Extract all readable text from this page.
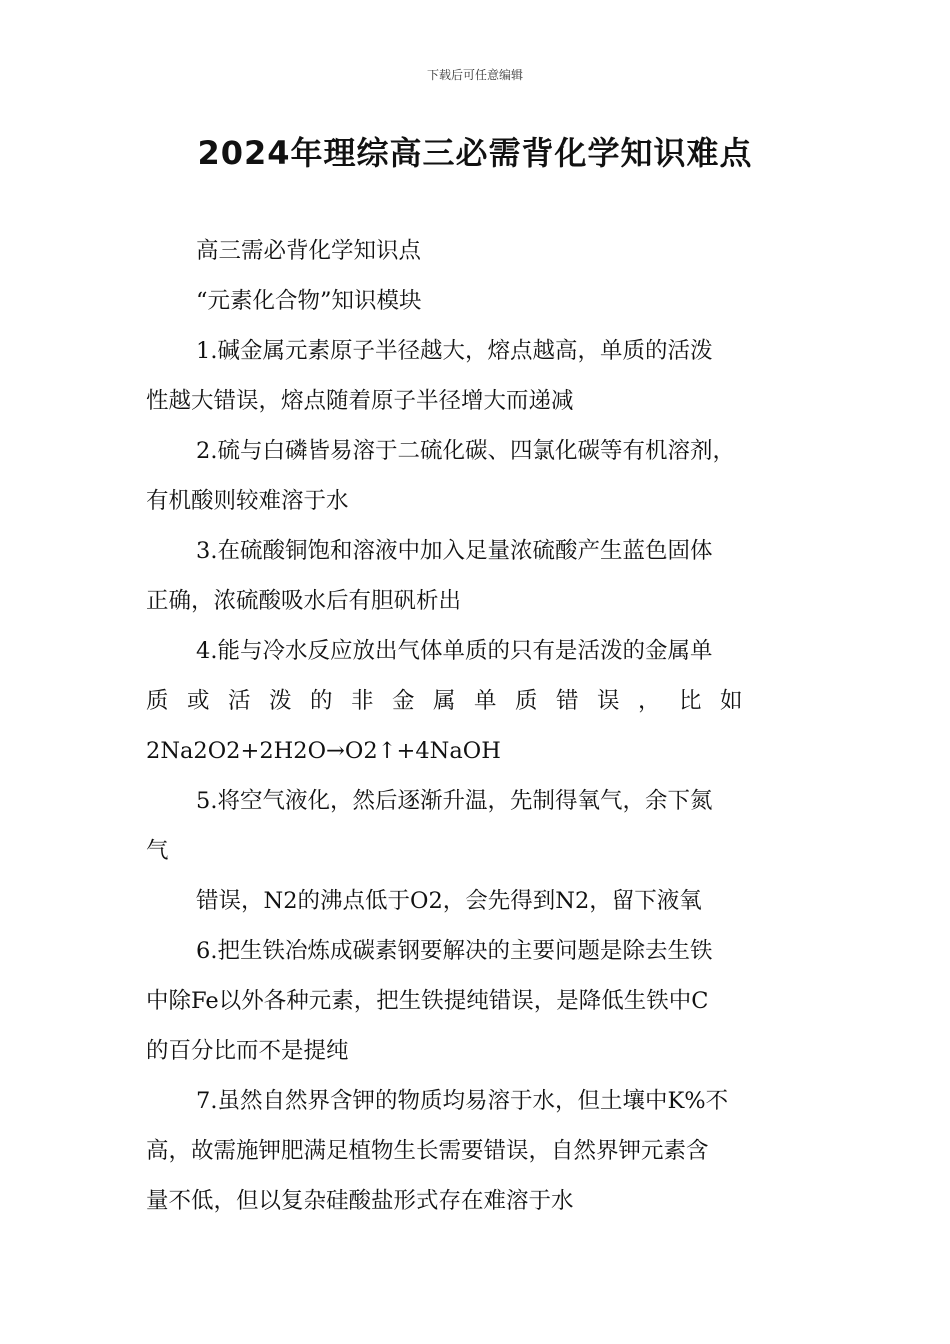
下载后可任意编辑
2024年理综高三必需背化学知识难点

高三需必背化学知识点

“元素化合物”知识模块

1.碱金属元素原子半径越大，熔点越高，单质的活泼

性越大错误，熔点随着原子半径增大而递减

2.硫与白磷皆易溶于二硫化碳、四氯化碳等有机溶剂，

有机酸则较难溶于水

3.在硫酸铜饱和溶液中加入足量浓硫酸产生蓝色固体

正确，浓硫酸吸水后有胆矾析出

4.能与冷水反应放出气体单质的只有是活泼的金属单

质或活泼的非金属单质错误，比如

2Na2O2+2H2O→O2↑+4NaOH

5.将空气液化，然后逐渐升温，先制得氧气，余下氮

气

错误，N2的沸点低于O2，会先得到N2，留下液氧

6.把生铁冶炼成碳素钢要解决的主要问题是除去生铁

中除Fe以外各种元素，把生铁提纯错误，是降低生铁中C

的百分比而不是提纯

7.虽然自然界含钾的物质均易溶于水，但土壤中K%不

高，故需施钾肥满足植物生长需要错误，自然界钾元素含

量不低，但以复杂硅酸盐形式存在难溶于水
